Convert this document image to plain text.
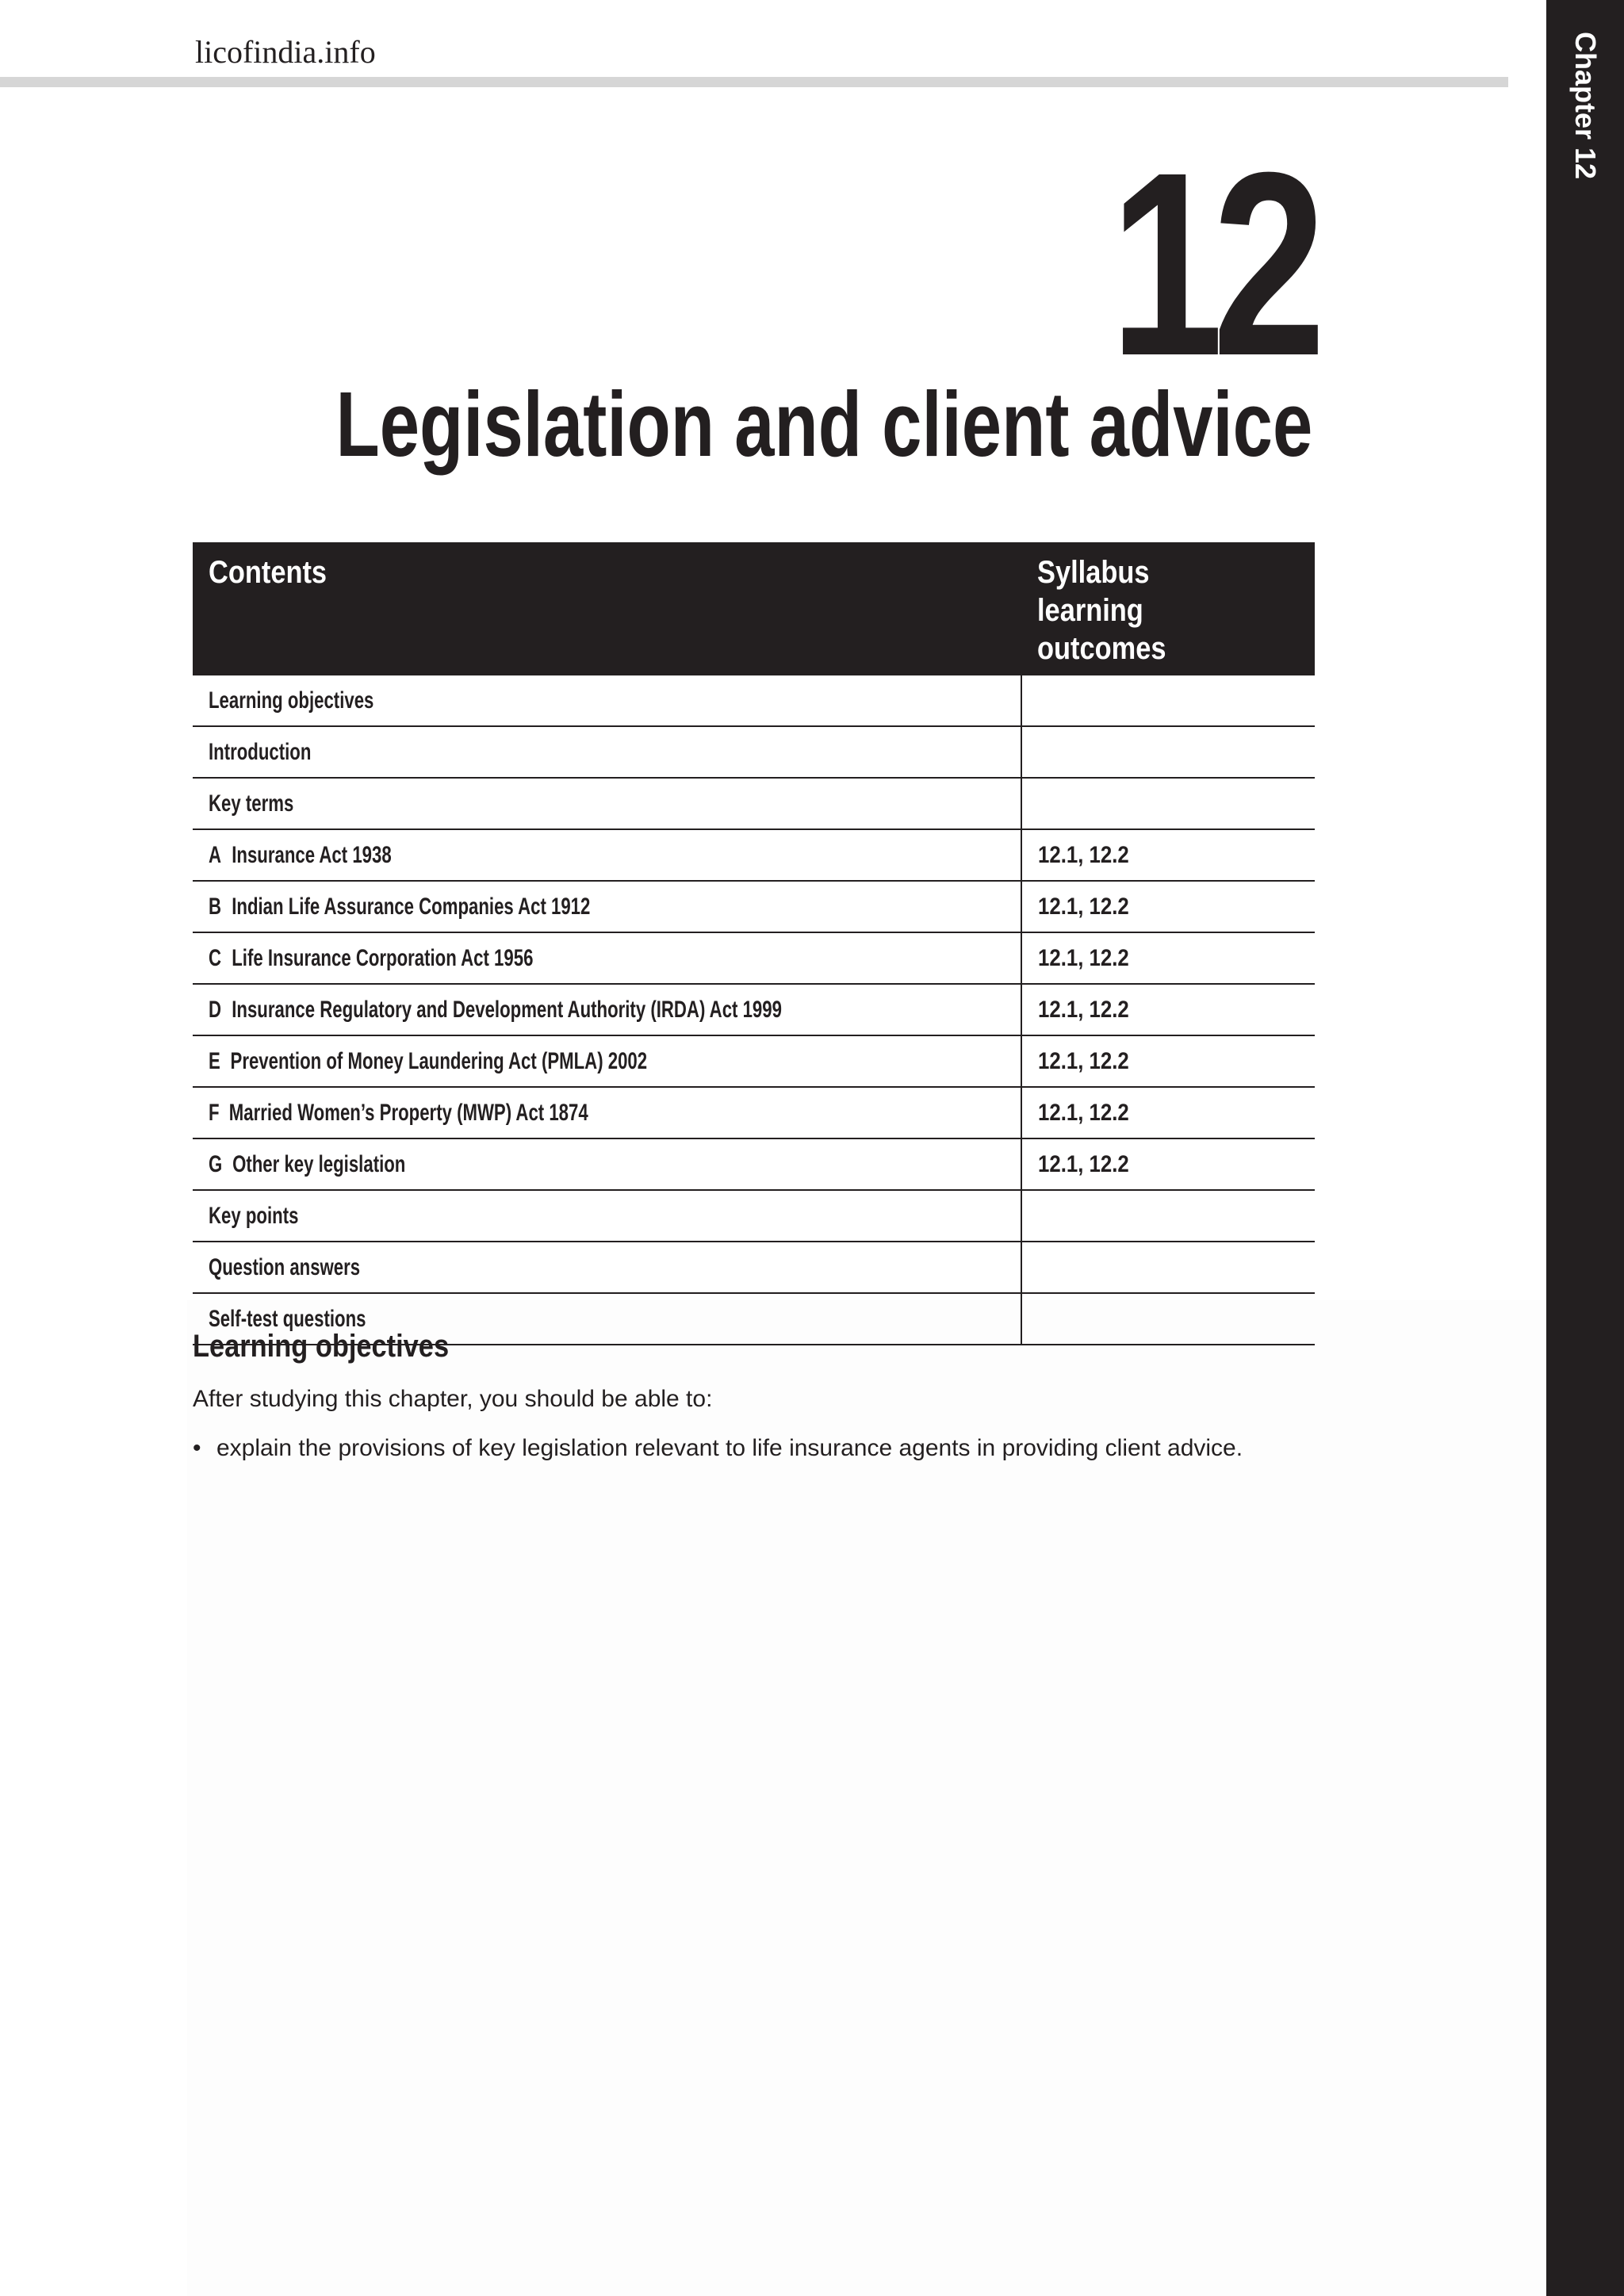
licofindia.info	Chapter 12
12
Legislation and client advice
Contents	Syllabus learning outcomes

Learning objectives	
Introduction	
Key terms	
A Insurance Act 1938	12.1, 12.2
B Indian Life Assurance Companies Act 1912	12.1, 12.2
C Life Insurance Corporation Act 1956	12.1, 12.2
D Insurance Regulatory and Development Authority (IRDA) Act 1999	12.1, 12.2
E Prevention of Money Laundering Act (PMLA) 2002	12.1, 12.2
F Married Women’s Property (MWP) Act 1874	12.1, 12.2
G Other key legislation	12.1, 12.2
Key points	
Question answers	
Self-test questions	
Learning objectives
After studying this chapter, you should be able to:
• explain the provisions of key legislation relevant to life insurance agents in providing client advice.
